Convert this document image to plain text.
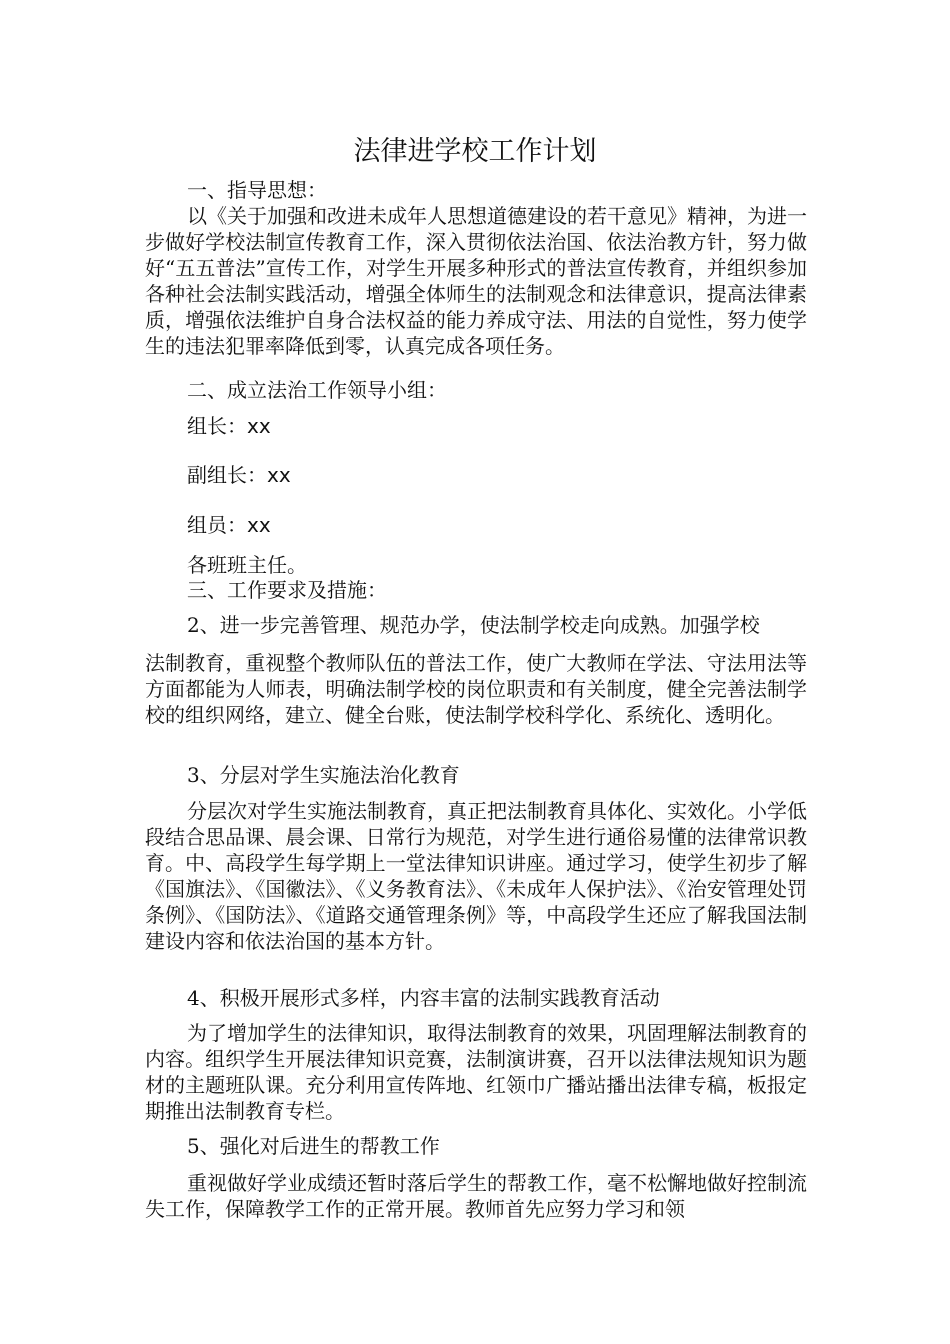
法律进学校工作计划

一、指导思想：

以《关于加强和改进未成年人思想道德建设的若干意见》精神，为进一步做好学校法制宣传教育工作，深入贯彻依法治国、依法治教方针，努力做好“五五普法”宣传工作，对学生开展多种形式的普法宣传教育，并组织参加各种社会法制实践活动，增强全体师生的法制观念和法律意识，提高法律素质，增强依法维护自身合法权益的能力养成守法、用法的自觉性，努力使学生的违法犯罪率降低到零，认真完成各项任务。

二、成立法治工作领导小组：

组长：xx

副组长：xx

组员：xx

各班班主任。

三、工作要求及措施：

2、进一步完善管理、规范办学，使法制学校走向成熟。加强学校

法制教育，重视整个教师队伍的普法工作，使广大教师在学法、守法用法等方面都能为人师表，明确法制学校的岗位职责和有关制度，健全完善法制学校的组织网络，建立、健全台账，使法制学校科学化、系统化、透明化。

3、分层对学生实施法治化教育

分层次对学生实施法制教育，真正把法制教育具体化、实效化。小学低段结合思品课、晨会课、日常行为规范，对学生进行通俗易懂的法律常识教育。中、高段学生每学期上一堂法律知识讲座。通过学习，使学生初步了解《国旗法》、《国徽法》、《义务教育法》、《未成年人保护法》、《治安管理处罚条例》、《国防法》、《道路交通管理条例》等，中高段学生还应了解我国法制建设内容和依法治国的基本方针。

4、积极开展形式多样，内容丰富的法制实践教育活动

为了增加学生的法律知识，取得法制教育的效果，巩固理解法制教育的内容。组织学生开展法律知识竞赛，法制演讲赛，召开以法律法规知识为题材的主题班队课。充分利用宣传阵地、红领巾广播站播出法律专稿，板报定期推出法制教育专栏。

5、强化对后进生的帮教工作

重视做好学业成绩还暂时落后学生的帮教工作，毫不松懈地做好控制流失工作，保障教学工作的正常开展。教师首先应努力学习和领
